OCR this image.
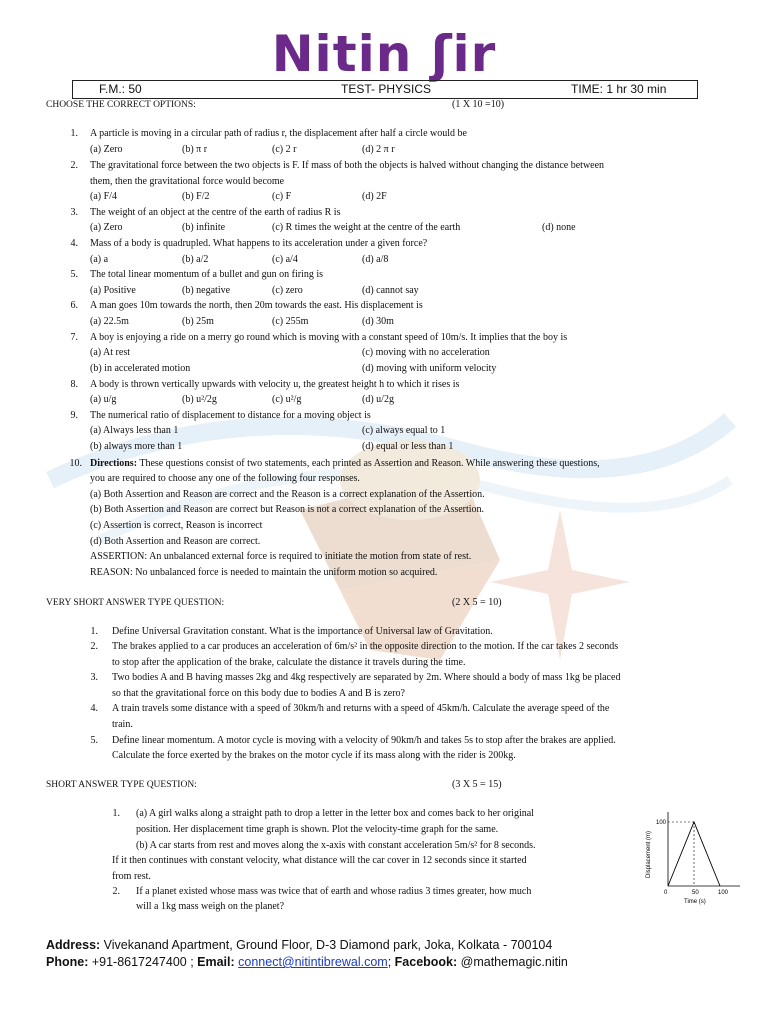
Nitin ʃir
F.M.: 50	TEST- PHYSICS	TIME: 1 hr 30 min
CHOOSE THE CORRECT OPTIONS:	(1 X 10 =10)
1. A particle is moving in a circular path of radius r, the displacement after half a circle would be
(a) Zero	(b) π r	(c) 2 r	(d) 2 π r
2. The gravitational force between the two objects is F. If mass of both the objects is halved without changing the distance between
them, then the gravitational force would become
(a) F/4	(b) F/2	(c) F	(d) 2F
3. The weight of an object at the centre of the earth of radius R is
(a) Zero	(b) infinite	(c) R times the weight at the centre of the earth	(d) none
4. Mass of a body is quadrupled. What happens to its acceleration under a given force?
(a) a	(b) a/2	(c) a/4	(d) a/8
5. The total linear momentum of a bullet and gun on firing is
(a) Positive	(b) negative	(c) zero	(d) cannot say
6. A man goes 10m towards the north, then 20m towards the east. His displacement is
(a) 22.5m	(b) 25m	(c) 255m	(d) 30m
7. A boy is enjoying a ride on a merry go round which is moving with a constant speed of 10m/s. It implies that the boy is
(a) At rest	(c) moving with no acceleration
(b) in accelerated motion	(d) moving with uniform velocity
8. A body is thrown vertically upwards with velocity u, the greatest height h to which it rises is
(a) u/g	(b) u²/2g	(c) u²/g	(d) u/2g
9. The numerical ratio of displacement to distance for a moving object is
(a) Always less than 1	(c) always equal to 1
(b) always more than 1	(d) equal or less than 1
10. Directions: These questions consist of two statements, each printed as Assertion and Reason. While answering these questions,
you are required to choose any one of the following four responses.
(a) Both Assertion and Reason are correct and the Reason is a correct explanation of the Assertion.
(b) Both Assertion and Reason are correct but Reason is not a correct explanation of the Assertion.
(c) Assertion is correct, Reason is incorrect
(d) Both Assertion and Reason are correct.
ASSERTION: An unbalanced external force is required to initiate the motion from state of rest.
REASON: No unbalanced force is needed to maintain the uniform motion so acquired.
VERY SHORT ANSWER TYPE QUESTION:	(2 X 5 = 10)
1. Define Universal Gravitation constant. What is the importance of Universal law of Gravitation.
2. The brakes applied to a car produces an acceleration of 6m/s² in the opposite direction to the motion. If the car takes 2 seconds
to stop after the application of the brake, calculate the distance it travels during the time.
3. Two bodies A and B having masses 2kg and 4kg respectively are separated by 2m. Where should a body of mass 1kg be placed
so that the gravitational force on this body due to bodies A and B is zero?
4. A train travels some distance with a speed of 30km/h and returns with a speed of 45km/h. Calculate the average speed of the
train.
5. Define linear momentum. A motor cycle is moving with a velocity of 90km/h and takes 5s to stop after the brakes are applied.
Calculate the force exerted by the brakes on the motor cycle if its mass along with the rider is 200kg.
SHORT ANSWER TYPE QUESTION:	(3 X 5 = 15)
1. (a) A girl walks along a straight path to drop a letter in the letter box and comes back to her original
position. Her displacement time graph is shown. Plot the velocity-time graph for the same.
(b) A car starts from rest and moves along the x-axis with constant acceleration 5m/s² for 8 seconds.
If it then continues with constant velocity, what distance will the car cover in 12 seconds since it started
from rest.
2. If a planet existed whose mass was twice that of earth and whose radius 3 times greater, how much
will a 1kg mass weigh on the planet?
Displacement (m)
100
0	50	100
Time (s)
Address: Vivekanand Apartment, Ground Floor, D-3 Diamond park, Joka, Kolkata - 700104
Phone: +91-8617247400 ; Email: connect@nitintibrewal.com; Facebook: @mathemagic.nitin
